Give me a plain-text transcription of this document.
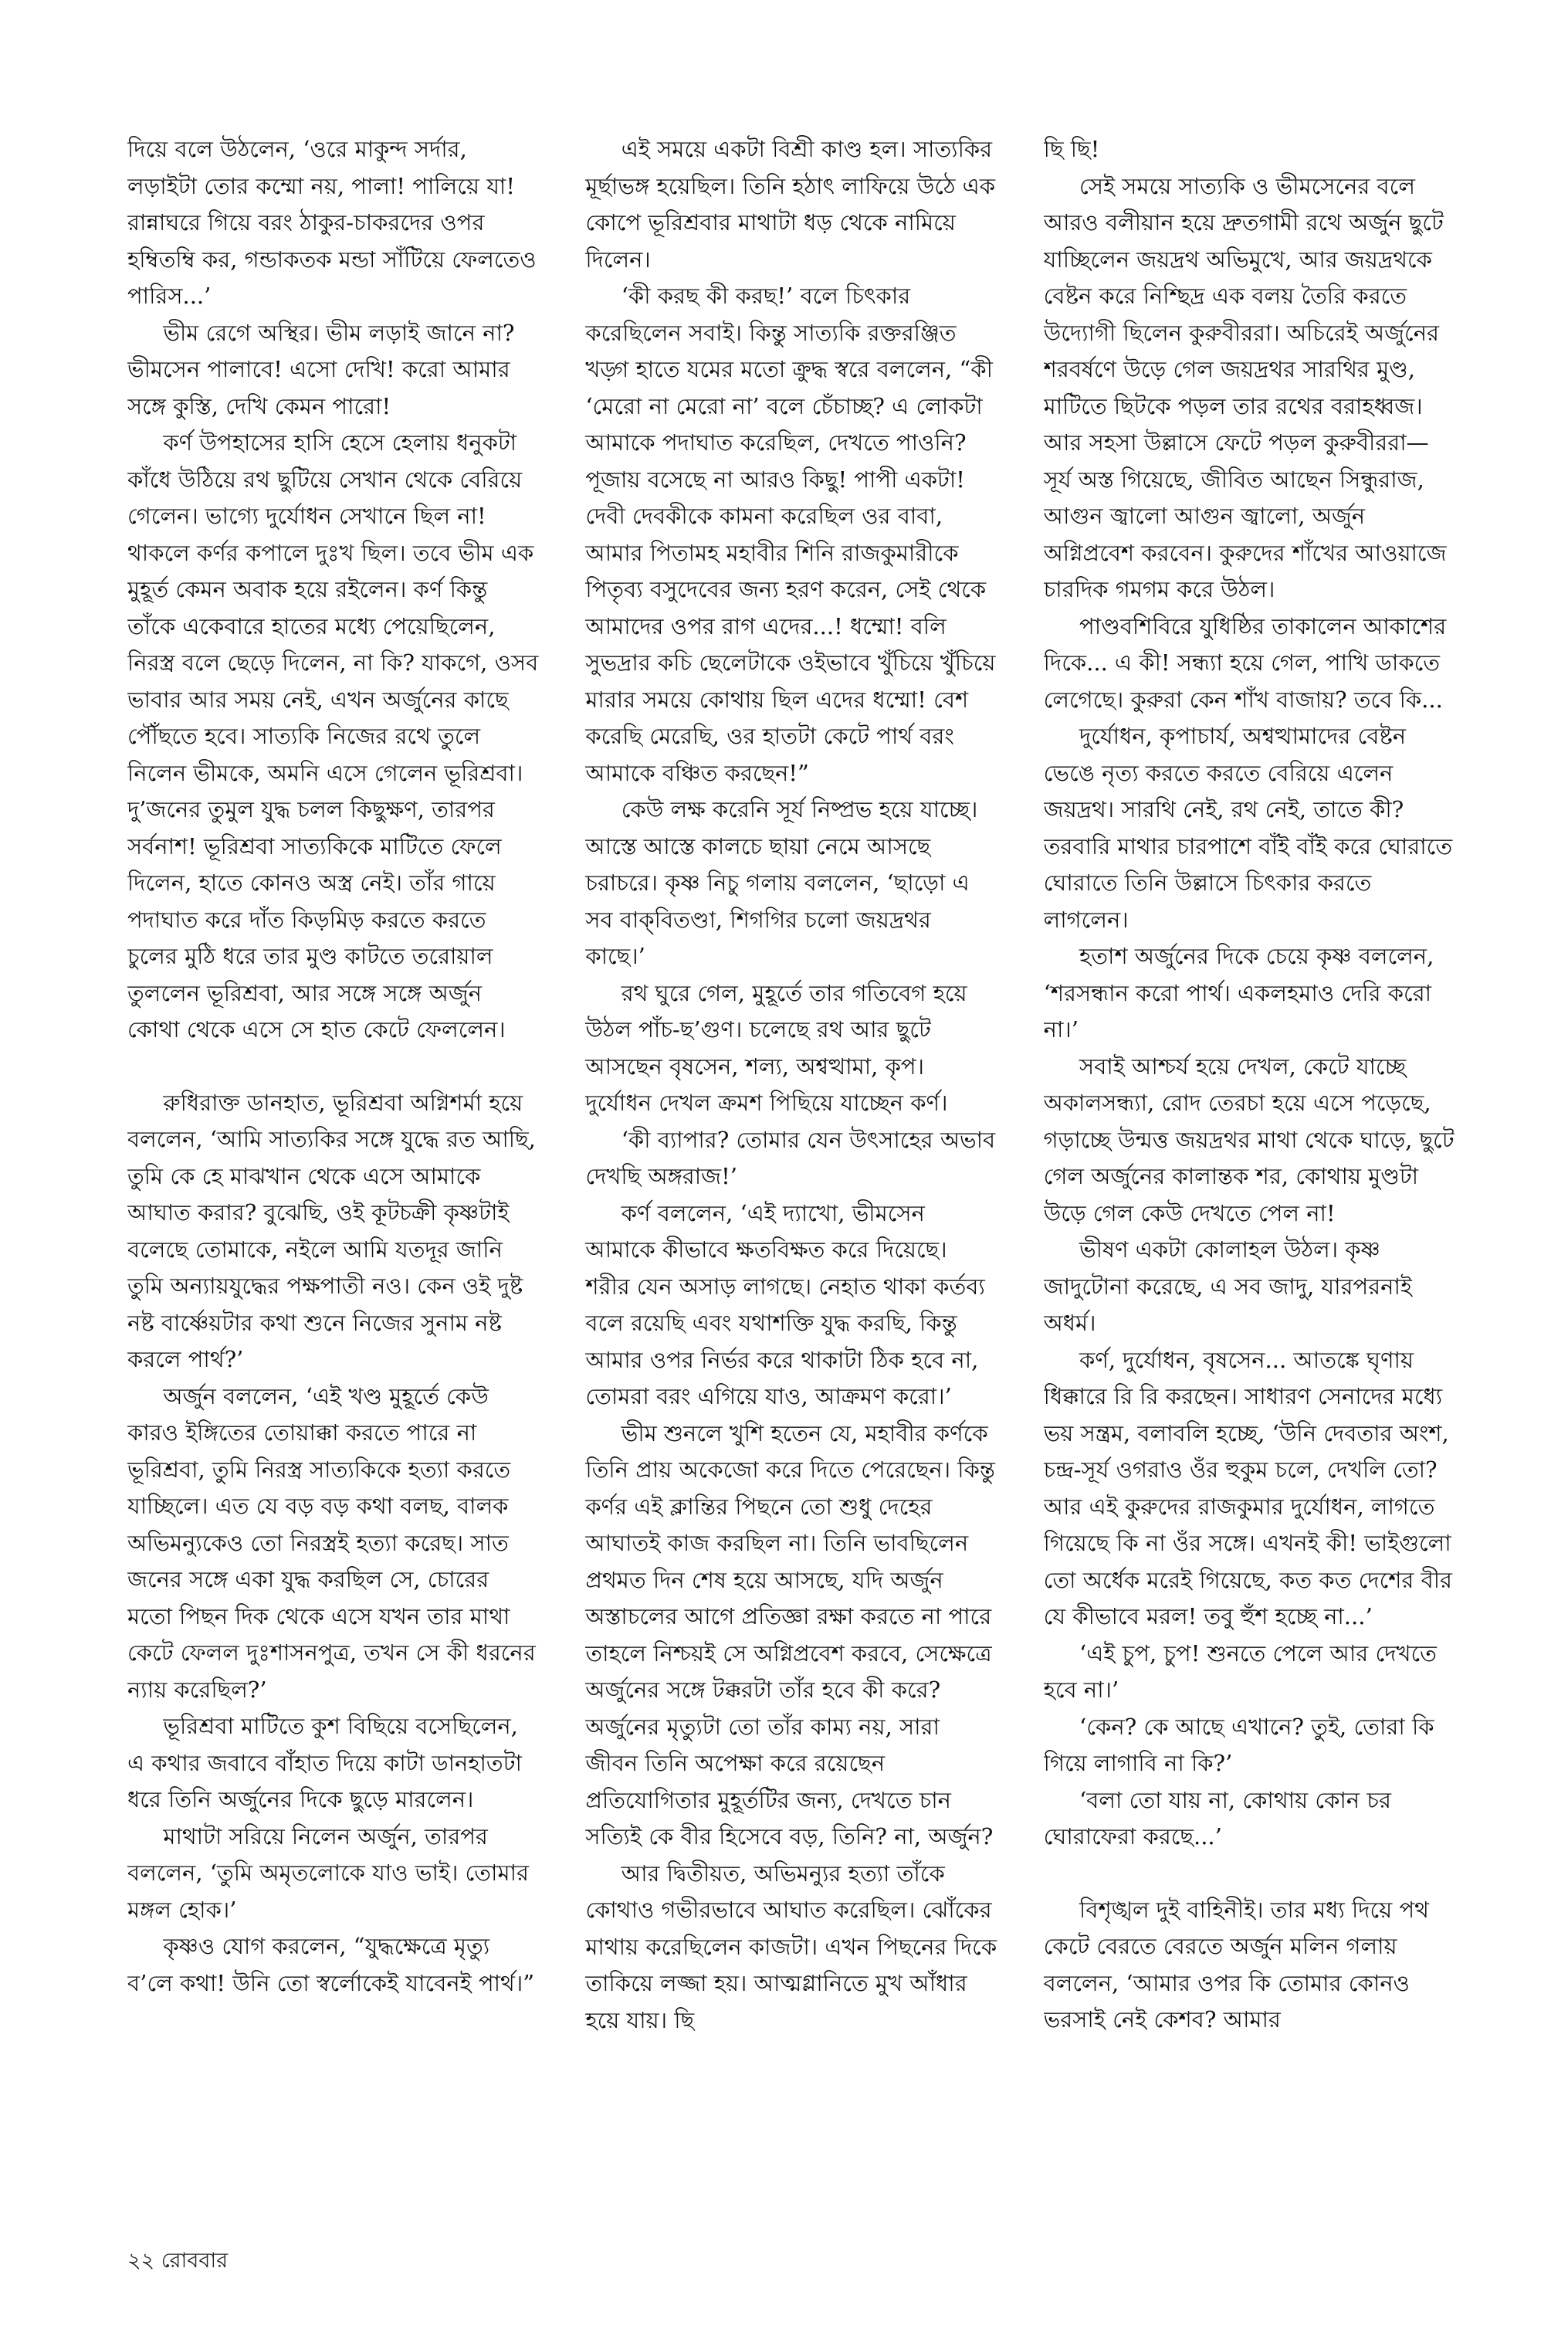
দিয়ে বলে উঠলেন, ‘ওরে মাকুন্দ সর্দার, লড়াইটা তোর কম্মো নয়, পালা! পালিয়ে যা! রান্নাঘরে গিয়ে বরং ঠাকুর-চাকরদের ওপর হম্বিতম্বি কর, গন্ডাকতক মন্ডা সাঁটিয়ে ফেলতেও পারিস...’

ভীম রেগে অস্থির। ভীম লড়াই জানে না? ভীমসেন পালাবে! এসো দেখি! করো আমার সঙ্গে কুস্তি, দেখি কেমন পারো!

কর্ণ উপহাসের হাসি হেসে হেলায় ধনুকটা কাঁধে উঠিয়ে রথ ছুটিয়ে সেখান থেকে বেরিয়ে গেলেন। ভাগ্যে দুর্যোধন সেখানে ছিল না! থাকলে কর্ণর কপালে দুঃখ ছিল। তবে ভীম এক মুহূর্ত কেমন অবাক হয়ে রইলেন। কর্ণ কিন্তু তাঁকে একেবারে হাতের মধ্যে পেয়েছিলেন, নিরস্ত্র বলে ছেড়ে দিলেন, না কি? যাকগে, ওসব ভাবার আর সময় নেই, এখন অর্জুনের কাছে পৌঁছতে হবে। সাত্যকি নিজের রথে তুলে নিলেন ভীমকে, অমনি এসে গেলেন ভূরিশ্রবা। দু’জনের তুমুল যুদ্ধ চলল কিছুক্ষণ, তারপর সর্বনাশ! ভূরিশ্রবা সাত্যকিকে মাটিতে ফেলে দিলেন, হাতে কোনও অস্ত্র নেই। তাঁর গায়ে পদাঘাত করে দাঁত কিড়মিড় করতে করতে চুলের মুঠি ধরে তার মুণ্ড কাটতে তরোয়াল তুললেন ভূরিশ্রবা, আর সঙ্গে সঙ্গে অর্জুন কোথা থেকে এসে সে হাত কেটে ফেললেন।

রুধিরাক্ত ডানহাত, ভূরিশ্রবা অগ্নিশর্মা হয়ে বললেন, ‘আমি সাত্যকির সঙ্গে যুদ্ধে রত আছি, তুমি কে হে মাঝখান থেকে এসে আমাকে আঘাত করার? বুঝেছি, ওই কূটচক্রী কৃষ্ণটাই বলেছে তোমাকে, নইলে আমি যতদূর জানি তুমি অন্যায়যুদ্ধের পক্ষপাতী নও। কেন ওই দুষ্ট নষ্ট বার্ষ্ণেয়টার কথা শুনে নিজের সুনাম নষ্ট করলে পার্থ?’

অর্জুন বললেন, ‘এই খণ্ড মুহূর্তে কেউ কারও ইঙ্গিতের তোয়াক্কা করতে পারে না ভূরিশ্রবা, তুমি নিরস্ত্র সাত্যকিকে হত্যা করতে যাচ্ছিলে। এত যে বড় বড় কথা বলছ, বালক অভিমন্যুকেও তো নিরস্ত্রই হত্যা করেছ। সাত জনের সঙ্গে একা যুদ্ধ করছিল সে, চোরের মতো পিছন দিক থেকে এসে যখন তার মাথা কেটে ফেলল দুঃশাসনপুত্র, তখন সে কী ধরনের ন্যায় করেছিল?’

ভূরিশ্রবা মাটিতে কুশ বিছিয়ে বসেছিলেন, এ কথার জবাবে বাঁহাত দিয়ে কাটা ডানহাতটা ধরে তিনি অর্জুনের দিকে ছুড়ে মারলেন।

মাথাটা সরিয়ে নিলেন অর্জুন, তারপর বললেন, ‘তুমি অমৃতলোকে যাও ভাই। তোমার মঙ্গল হোক।’

কৃষ্ণও যোগ করলেন, “যুদ্ধক্ষেত্রে মৃত্যু ব’লে কথা! উনি তো স্বর্লোকেই যাবেনই পার্থ।”

এই সময়ে একটা বিশ্রী কাণ্ড হল। সাত্যকির মূর্ছাভঙ্গ হয়েছিল। তিনি হঠাৎ লাফিয়ে উঠে এক কোপে ভূরিশ্রবার মাথাটা ধড় থেকে নামিয়ে দিলেন।

‘কী করছ কী করছ!’ বলে চিৎকার করেছিলেন সবাই। কিন্তু সাত্যকি রক্তরঞ্জিত খড়্গ হাতে যমের মতো ক্রুদ্ধ স্বরে বললেন, “কী ‘মেরো না মেরো না’ বলে চেঁচাচ্ছ? এ লোকটা আমাকে পদাঘাত করেছিল, দেখতে পাওনি? পূজায় বসেছে না আরও কিছু! পাপী একটা! দেবী দেবকীকে কামনা করেছিল ওর বাবা, আমার পিতামহ মহাবীর শিনি রাজকুমারীকে পিতৃব্য বসুদেবের জন্য হরণ করেন, সেই থেকে আমাদের ওপর রাগ এদের...! ধম্মো! বলি সুভদ্রার কচি ছেলেটাকে ওইভাবে খুঁচিয়ে খুঁচিয়ে মারার সময়ে কোথায় ছিল এদের ধম্মো! বেশ করেছি মেরেছি, ওর হাতটা কেটে পার্থ বরং আমাকে বঞ্চিত করছেন!”

কেউ লক্ষ করেনি সূর্য নিষ্প্রভ হয়ে যাচ্ছে। আস্তে আস্তে কালচে ছায়া নেমে আসছে চরাচরে। কৃষ্ণ নিচু গলায় বললেন, ‘ছাড়ো এ সব বাক্‌বিতণ্ডা, শিগগির চলো জয়দ্রথর কাছে।’

রথ ঘুরে গেল, মুহূর্তে তার গতিবেগ হয়ে উঠল পাঁচ-ছ’গুণ। চলেছে রথ আর ছুটে আসছেন বৃষসেন, শল্য, অশ্বত্থামা, কৃপ। দুর্যোধন দেখল ক্রমশ পিছিয়ে যাচ্ছেন কর্ণ।

‘কী ব্যাপার? তোমার যেন উৎসাহের অভাব দেখছি অঙ্গরাজ!’

কর্ণ বললেন, ‘এই দ্যাখো, ভীমসেন আমাকে কীভাবে ক্ষতবিক্ষত করে দিয়েছে। শরীর যেন অসাড় লাগছে। নেহাত থাকা কর্তব্য বলে রয়েছি এবং যথাশক্তি যুদ্ধ করছি, কিন্তু আমার ওপর নির্ভর করে থাকাটা ঠিক হবে না, তোমরা বরং এগিয়ে যাও, আক্রমণ করো।’

ভীম শুনলে খুশি হতেন যে, মহাবীর কর্ণকে তিনি প্রায় অকেজো করে দিতে পেরেছেন। কিন্তু কর্ণর এই ক্লান্তির পিছনে তো শুধু দেহের আঘাতই কাজ করছিল না। তিনি ভাবছিলেন প্রথমত দিন শেষ হয়ে আসছে, যদি অর্জুন অস্তাচলের আগে প্রতিজ্ঞা রক্ষা করতে না পারে তাহলে নিশ্চয়ই সে অগ্নিপ্রবেশ করবে, সেক্ষেত্রে অর্জুনের সঙ্গে টক্করটা তাঁর হবে কী করে? অর্জুনের মৃত্যুটা তো তাঁর কাম্য নয়, সারা জীবন তিনি অপেক্ষা করে রয়েছেন প্রতিযোগিতার মুহূর্তটির জন্য, দেখতে চান সত্যিই কে বীর হিসেবে বড়, তিনি? না, অর্জুন?

আর দ্বিতীয়ত, অভিমন্যুর হত্যা তাঁকে কোথাও গভীরভাবে আঘাত করেছিল। ঝোঁকের মাথায় করেছিলেন কাজটা। এখন পিছনের দিকে তাকিয়ে লজ্জা হয়। আত্মগ্লানিতে মুখ আঁধার হয়ে যায়। ছি

ছি ছি!

সেই সময়ে সাত্যকি ও ভীমসেনের বলে আরও বলীয়ান হয়ে দ্রুতগামী রথে অর্জুন ছুটে যাচ্ছিলেন জয়দ্রথ অভিমুখে, আর জয়দ্রথকে বেষ্টন করে নিশ্ছিদ্র এক বলয় তৈরি করতে উদ্যোগী ছিলেন কুরুবীররা। অচিরেই অর্জুনের শরবর্ষণে উড়ে গেল জয়দ্রথর সারথির মুণ্ড, মাটিতে ছিটকে পড়ল তার রথের বরাহধ্বজ। আর সহসা উল্লাসে ফেটে পড়ল কুরুবীররা— সূর্য অস্ত গিয়েছে, জীবিত আছেন সিন্ধুরাজ, আগুন জ্বালো আগুন জ্বালো, অর্জুন অগ্নিপ্রবেশ করবেন। কুরুদের শাঁখের আওয়াজে চারদিক গমগম করে উঠল।

পাণ্ডবশিবিরে যুধিষ্ঠির তাকালেন আকাশের দিকে... এ কী! সন্ধ্যা হয়ে গেল, পাখি ডাকতে লেগেছে। কুরুরা কেন শাঁখ বাজায়? তবে কি...

দুর্যোধন, কৃপাচার্য, অশ্বত্থামাদের বেষ্টন ভেঙে নৃত্য করতে করতে বেরিয়ে এলেন জয়দ্রথ। সারথি নেই, রথ নেই, তাতে কী? তরবারি মাথার চারপাশে বাঁই বাঁই করে ঘোরাতে ঘোরাতে তিনি উল্লাসে চিৎকার করতে লাগলেন।

হতাশ অর্জুনের দিকে চেয়ে কৃষ্ণ বললেন, ‘শরসন্ধান করো পার্থ। একলহমাও দেরি করো না।’

সবাই আশ্চর্য হয়ে দেখল, কেটে যাচ্ছে অকালসন্ধ্যা, রোদ তেরচা হয়ে এসে পড়েছে, গড়াচ্ছে উন্মত্ত জয়দ্রথর মাথা থেকে ঘাড়ে, ছুটে গেল অর্জুনের কালান্তক শর, কোথায় মুণ্ডটা উড়ে গেল কেউ দেখতে পেল না!

ভীষণ একটা কোলাহল উঠল। কৃষ্ণ জাদুটোনা করেছে, এ সব জাদু, যারপরনাই অধর্ম।

কর্ণ, দুর্যোধন, বৃষসেন... আতঙ্কে ঘৃণায় ধিক্কারে রি রি করছেন। সাধারণ সেনাদের মধ্যে ভয় সন্ত্রম, বলাবলি হচ্ছে, ‘উনি দেবতার অংশ, চন্দ্র-সূর্য ওগরাও ওঁর হুকুম চলে, দেখলি তো? আর এই কুরুদের রাজকুমার দুর্যোধন, লাগতে গিয়েছে কি না ওঁর সঙ্গে। এখনই কী! ভাইগুলো তো অর্ধেক মরেই গিয়েছে, কত কত দেশের বীর যে কীভাবে মরল! তবু হুঁশ হচ্ছে না...’

‘এই চুপ, চুপ! শুনতে পেলে আর দেখতে হবে না।’

‘কেন? কে আছে এখানে? তুই, তোরা কি গিয়ে লাগাবি না কি?’

‘বলা তো যায় না, কোথায় কোন চর ঘোরাফেরা করছে...’

বিশৃঙ্খল দুই বাহিনীই। তার মধ্য দিয়ে পথ কেটে বেরতে বেরতে অর্জুন মলিন গলায় বললেন, ‘আমার ওপর কি তোমার কোনও ভরসাই নেই কেশব? আমার

২২ রোববার
